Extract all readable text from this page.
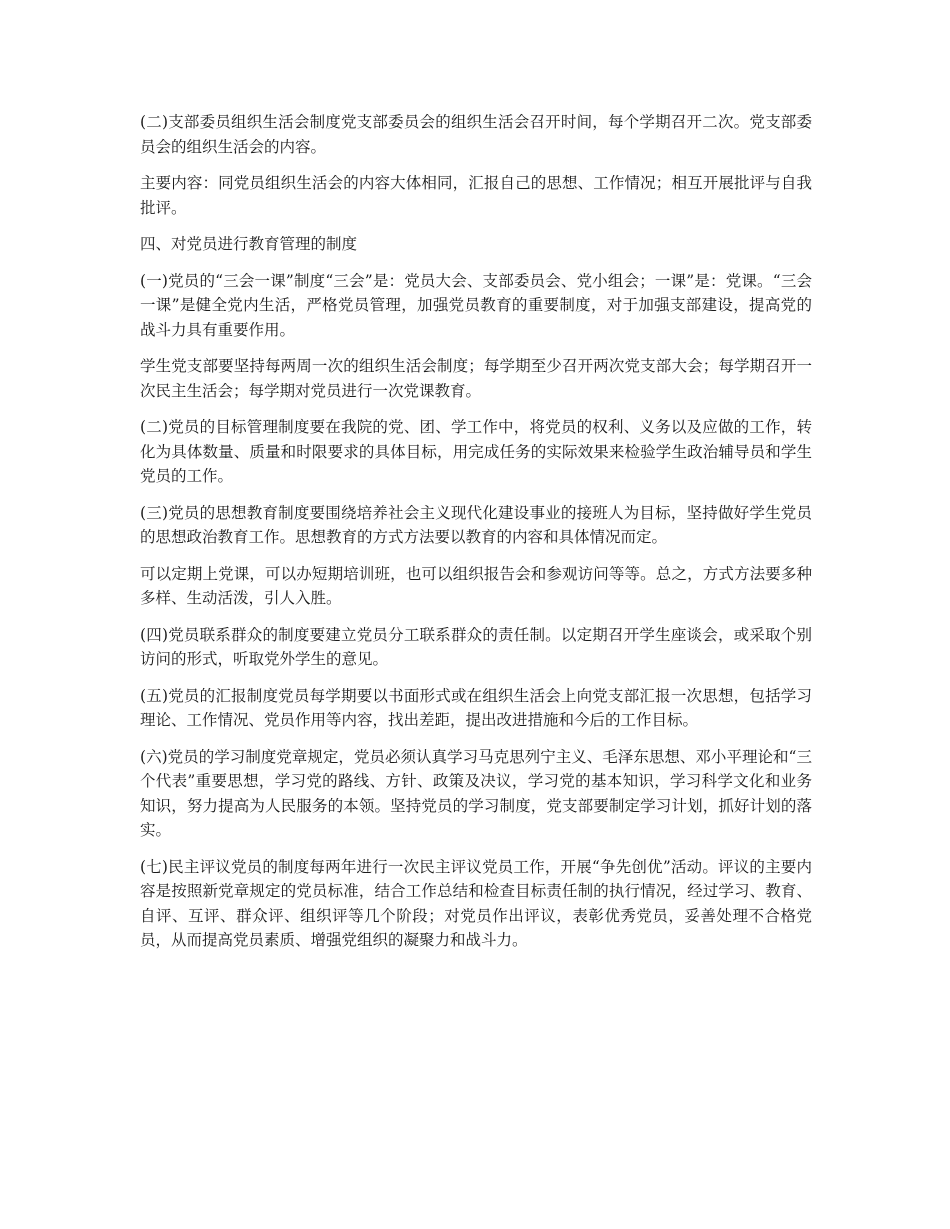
(二)支部委员组织生活会制度党支部委员会的组织生活会召开时间，每个学期召开二次。党支部委员会的组织生活会的内容。

主要内容：同党员组织生活会的内容大体相同，汇报自己的思想、工作情况；相互开展批评与自我批评。

四、对党员进行教育管理的制度

(一)党员的“三会一课”制度“三会”是：党员大会、支部委员会、党小组会；一课”是：党课。“三会一课”是健全党内生活，严格党员管理，加强党员教育的重要制度，对于加强支部建设，提高党的战斗力具有重要作用。

学生党支部要坚持每两周一次的组织生活会制度；每学期至少召开两次党支部大会；每学期召开一次民主生活会；每学期对党员进行一次党课教育。

(二)党员的目标管理制度要在我院的党、团、学工作中，将党员的权利、义务以及应做的工作，转化为具体数量、质量和时限要求的具体目标，用完成任务的实际效果来检验学生政治辅导员和学生党员的工作。

(三)党员的思想教育制度要围绕培养社会主义现代化建设事业的接班人为目标，坚持做好学生党员的思想政治教育工作。思想教育的方式方法要以教育的内容和具体情况而定。

可以定期上党课，可以办短期培训班，也可以组织报告会和参观访问等等。总之，方式方法要多种多样、生动活泼，引人入胜。

(四)党员联系群众的制度要建立党员分工联系群众的责任制。以定期召开学生座谈会，或采取个别访问的形式，听取党外学生的意见。

(五)党员的汇报制度党员每学期要以书面形式或在组织生活会上向党支部汇报一次思想，包括学习理论、工作情况、党员作用等内容，找出差距，提出改进措施和今后的工作目标。

(六)党员的学习制度党章规定，党员必须认真学习马克思列宁主义、毛泽东思想、邓小平理论和“三个代表”重要思想，学习党的路线、方针、政策及决议，学习党的基本知识，学习科学文化和业务知识，努力提高为人民服务的本领。坚持党员的学习制度，党支部要制定学习计划，抓好计划的落实。

(七)民主评议党员的制度每两年进行一次民主评议党员工作，开展“争先创优”活动。评议的主要内容是按照新党章规定的党员标准，结合工作总结和检查目标责任制的执行情况，经过学习、教育、自评、互评、群众评、组织评等几个阶段；对党员作出评议，表彰优秀党员，妥善处理不合格党员，从而提高党员素质、增强党组织的凝聚力和战斗力。
